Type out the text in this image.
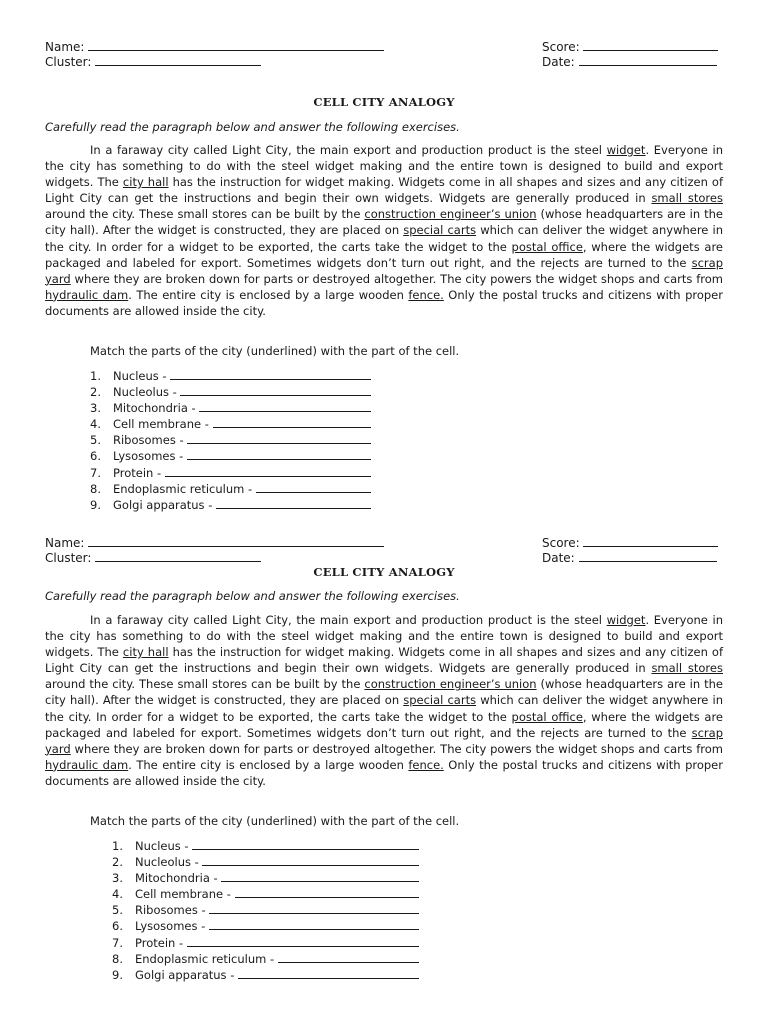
Name:	Score:
Cluster:	Date:
CELL CITY ANALOGY
Carefully read the paragraph below and answer the following exercises.

In a faraway city called Light City, the main export and production product is the steel widget. Everyone in the city has something to do with the steel widget making and the entire town is designed to build and export widgets. The city hall has the instruction for widget making. Widgets come in all shapes and sizes and any citizen of Light City can get the instructions and begin their own widgets. Widgets are generally produced in small stores around the city. These small stores can be built by the construction engineer’s union (whose headquarters are in the city hall). After the widget is constructed, they are placed on special carts which can deliver the widget anywhere in the city. In order for a widget to be exported, the carts take the widget to the postal office, where the widgets are packaged and labeled for export. Sometimes widgets don’t turn out right, and the rejects are turned to the scrap yard where they are broken down for parts or destroyed altogether. The city powers the widget shops and carts from hydraulic dam. The entire city is enclosed by a large wooden fence. Only the postal trucks and citizens with proper documents are allowed inside the city.

Match the parts of the city (underlined) with the part of the cell.
1. Nucleus -
2. Nucleolus -
3. Mitochondria -
4. Cell membrane -
5. Ribosomes -
6. Lysosomes -
7. Protein -
8. Endoplasmic reticulum -
9. Golgi apparatus -
Name:	Score:
Cluster:	Date:
CELL CITY ANALOGY
Carefully read the paragraph below and answer the following exercises.

In a faraway city called Light City, the main export and production product is the steel widget. Everyone in the city has something to do with the steel widget making and the entire town is designed to build and export widgets. The city hall has the instruction for widget making. Widgets come in all shapes and sizes and any citizen of Light City can get the instructions and begin their own widgets. Widgets are generally produced in small stores around the city. These small stores can be built by the construction engineer’s union (whose headquarters are in the city hall). After the widget is constructed, they are placed on special carts which can deliver the widget anywhere in the city. In order for a widget to be exported, the carts take the widget to the postal office, where the widgets are packaged and labeled for export. Sometimes widgets don’t turn out right, and the rejects are turned to the scrap yard where they are broken down for parts or destroyed altogether. The city powers the widget shops and carts from hydraulic dam. The entire city is enclosed by a large wooden fence. Only the postal trucks and citizens with proper documents are allowed inside the city.

Match the parts of the city (underlined) with the part of the cell.
1. Nucleus -
2. Nucleolus -
3. Mitochondria -
4. Cell membrane -
5. Ribosomes -
6. Lysosomes -
7. Protein -
8. Endoplasmic reticulum -
9. Golgi apparatus -
